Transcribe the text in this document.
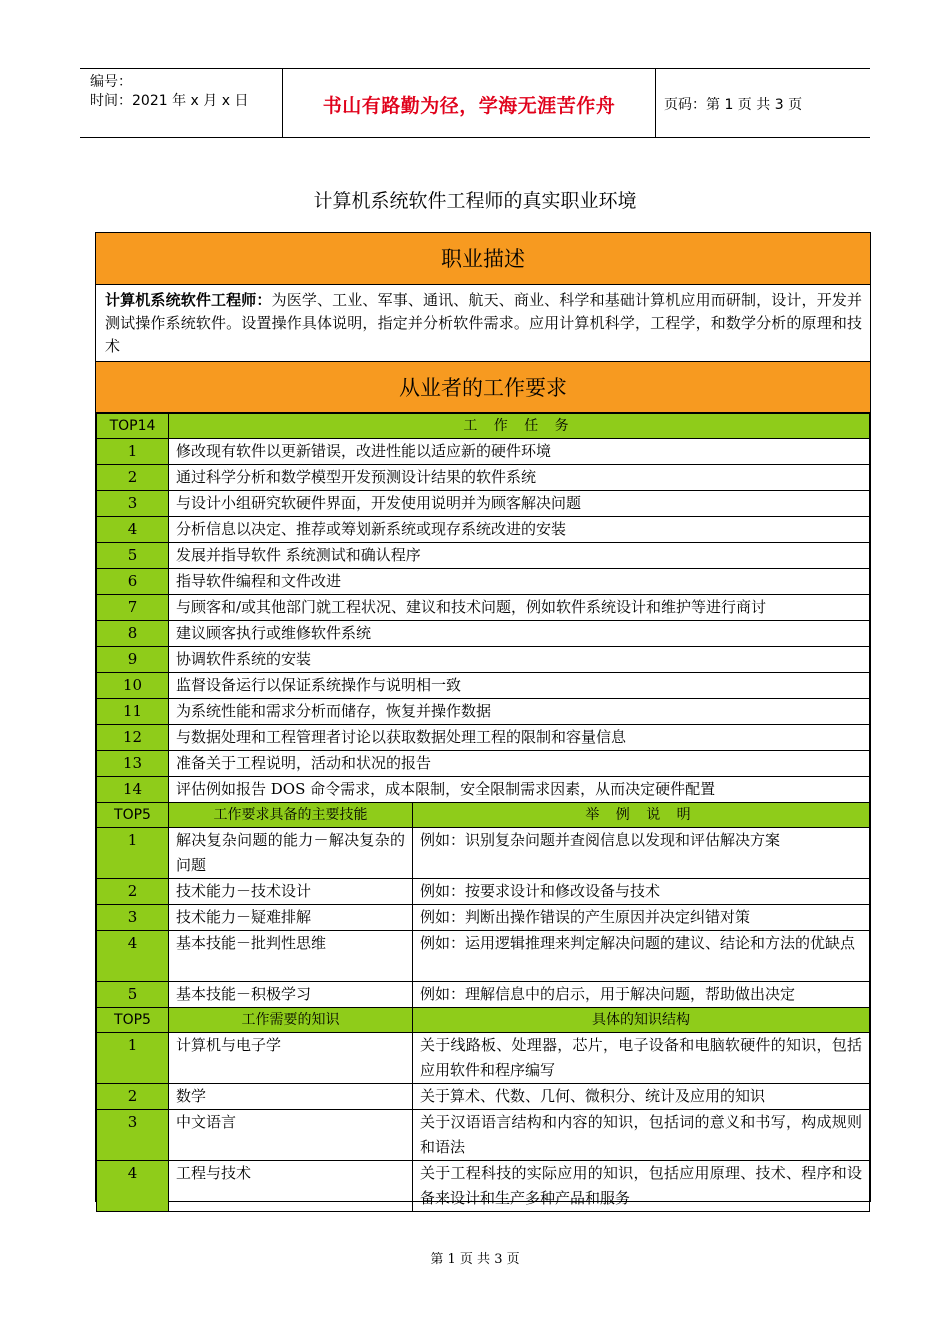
编号：
时间：2021 年 x 月 x 日	书山有路勤为径，学海无涯苦作舟	页码：第 1 页 共 3 页
计算机系统软件工程师的真实职业环境
职业描述
计算机系统软件工程师：为医学、工业、军事、通讯、航天、商业、科学和基础计算机应用而研制，设计，开发并测试操作系统软件。设置操作具体说明，指定并分析软件需求。应用计算机科学，工程学，和数学分析的原理和技术
从业者的工作要求
TOP14	工 作 任 务	
1	修改现有软件以更新错误，改进性能以适应新的硬件环境	
2	通过科学分析和数学模型开发预测设计结果的软件系统	
3	与设计小组研究软硬件界面，开发使用说明并为顾客解决问题	
4	分析信息以决定、推荐或筹划新系统或现存系统改进的安装	
5	发展并指导软件 系统测试和确认程序	
6	指导软件编程和文件改进	
7	与顾客和/或其他部门就工程状况、建议和技术问题，例如软件系统设计和维护等进行商讨	
8	建议顾客执行或维修软件系统	
9	协调软件系统的安装	
10	监督设备运行以保证系统操作与说明相一致	
11	为系统性能和需求分析而储存，恢复并操作数据	
12	与数据处理和工程管理者讨论以获取数据处理工程的限制和容量信息	
13	准备关于工程说明，活动和状况的报告	
14	评估例如报告 DOS 命令需求，成本限制，安全限制需求因素，从而决定硬件配置	
TOP5	工作要求具备的主要技能	举 例 说 明
1	解决复杂问题的能力－解决复杂的问题	例如：识别复杂问题并查阅信息以发现和评估解决方案
2	技术能力－技术设计	例如：按要求设计和修改设备与技术
3	技术能力－疑难排解	例如：判断出操作错误的产生原因并决定纠错对策
4	基本技能－批判性思维	例如：运用逻辑推理来判定解决问题的建议、结论和方法的优缺点
5	基本技能－积极学习	例如：理解信息中的启示，用于解决问题，帮助做出决定
TOP5	工作需要的知识	具体的知识结构
1	计算机与电子学	关于线路板、处理器，芯片，电子设备和电脑软硬件的知识，包括应用软件和程序编写
2	数学	关于算术、代数、几何、微积分、统计及应用的知识
3	中文语言	关于汉语语言结构和内容的知识，包括词的意义和书写，构成规则和语法
4	工程与技术	关于工程科技的实际应用的知识，包括应用原理、技术、程序和设备来设计和生产多种产品和服务
第 1 页 共 3 页
